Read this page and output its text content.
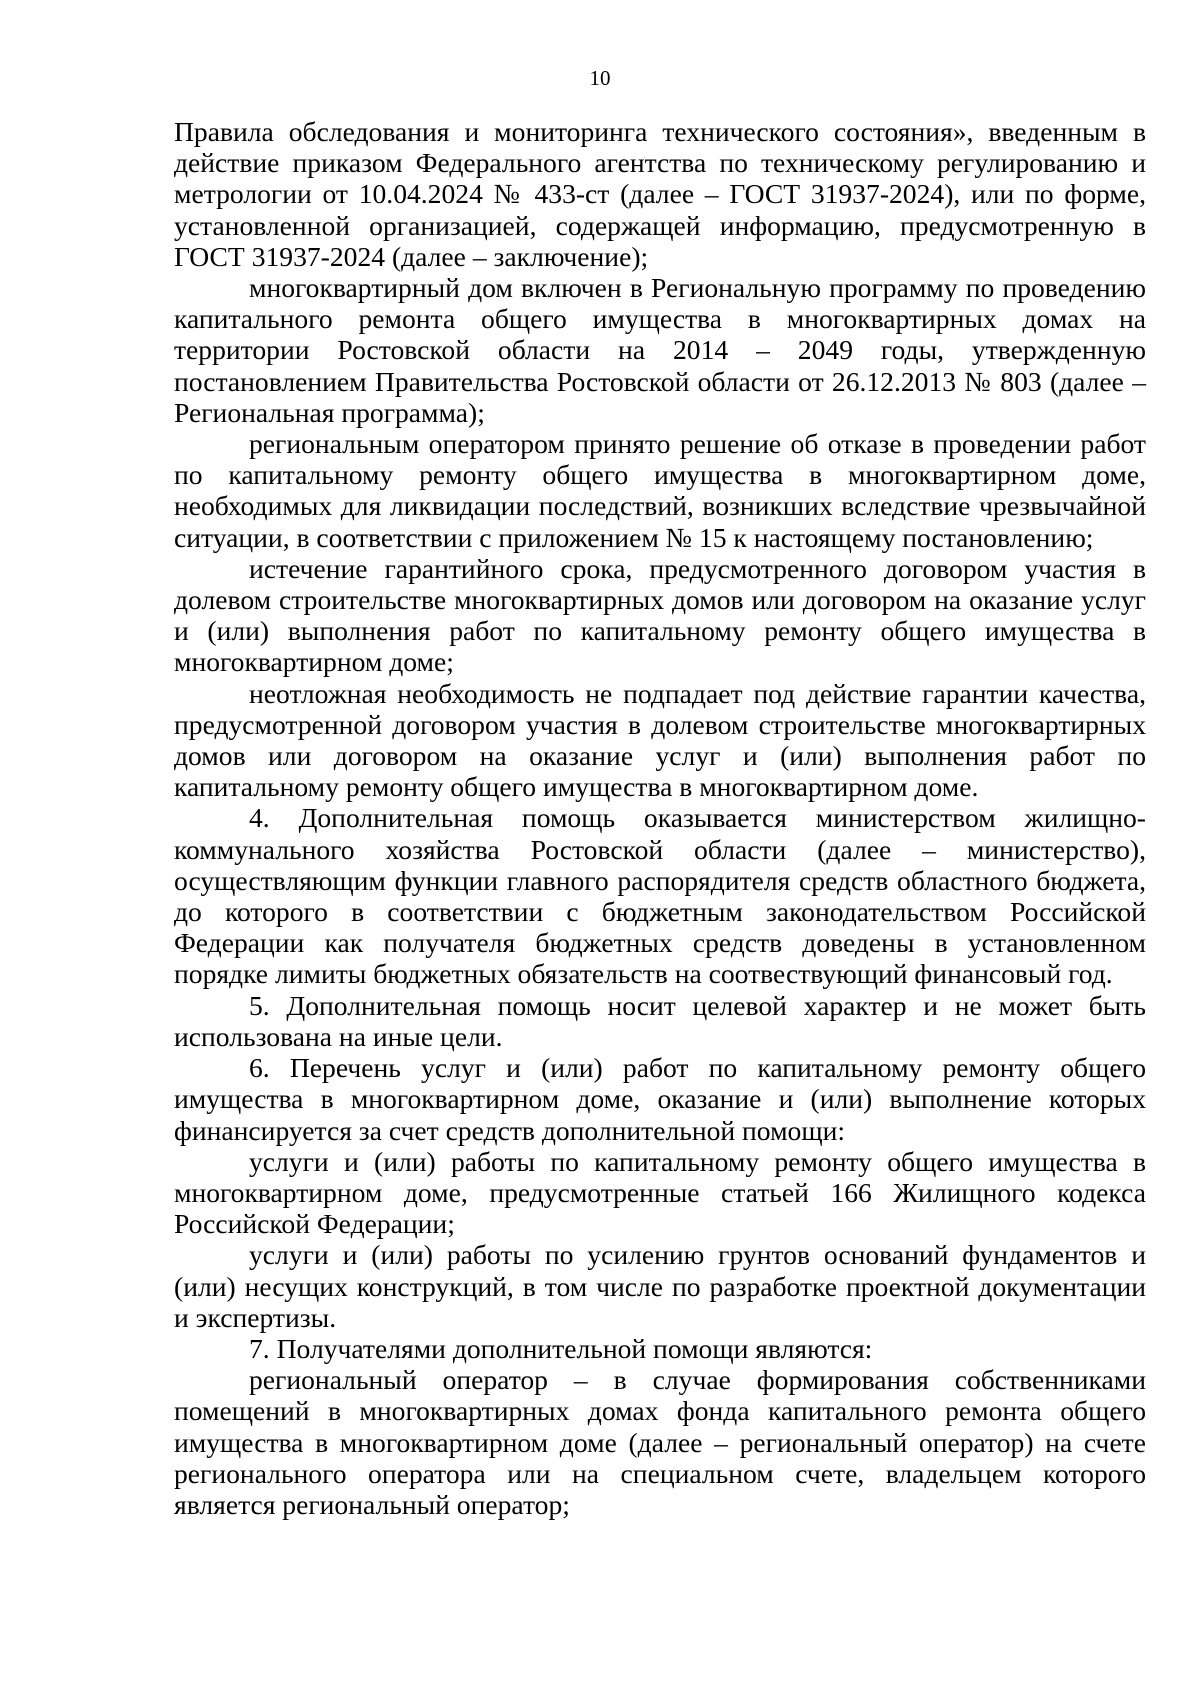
10

Правила обследования и мониторинга технического состояния», введенным в действие приказом Федерального агентства по техническому регулированию и метрологии от 10.04.2024 № 433-ст (далее – ГОСТ 31937-2024), или по форме, установленной организацией, содержащей информацию, предусмотренную в ГОСТ 31937-2024 (далее – заключение);

многоквартирный дом включен в Региональную программу по проведению капитального ремонта общего имущества в многоквартирных домах на территории Ростовской области на 2014 – 2049 годы, утвержденную постановлением Правительства Ростовской области от 26.12.2013 № 803 (далее – Региональная программа);

региональным оператором принято решение об отказе в проведении работ по капитальному ремонту общего имущества в многоквартирном доме, необходимых для ликвидации последствий, возникших вследствие чрезвычайной ситуации, в соответствии с приложением № 15 к настоящему постановлению;

истечение гарантийного срока, предусмотренного договором участия в долевом строительстве многоквартирных домов или договором на оказание услуг и (или) выполнения работ по капитальному ремонту общего имущества в многоквартирном доме;

неотложная необходимость не подпадает под действие гарантии качества, предусмотренной договором участия в долевом строительстве многоквартирных домов или договором на оказание услуг и (или) выполнения работ по капитальному ремонту общего имущества в многоквартирном доме.

4. Дополнительная помощь оказывается министерством жилищно-коммунального хозяйства Ростовской области (далее – министерство), осуществляющим функции главного распорядителя средств областного бюджета, до которого в соответствии с бюджетным законодательством Российской Федерации как получателя бюджетных средств доведены в установленном порядке лимиты бюджетных обязательств на соотвествующий финансовый год.

5. Дополнительная помощь носит целевой характер и не может быть использована на иные цели.

6. Перечень услуг и (или) работ по капитальному ремонту общего имущества в многоквартирном доме, оказание и (или) выполнение которых финансируется за счет средств дополнительной помощи:

услуги и (или) работы по капитальному ремонту общего имущества в многоквартирном доме, предусмотренные статьей 166 Жилищного кодекса Российской Федерации;

услуги и (или) работы по усилению грунтов оснований фундаментов и (или) несущих конструкций, в том числе по разработке проектной документации и экспертизы.

7. Получателями дополнительной помощи являются:

региональный оператор – в случае формирования собственниками помещений в многоквартирных домах фонда капитального ремонта общего имущества в многоквартирном доме (далее – региональный оператор) на счете регионального оператора или на специальном счете, владельцем которого является региональный оператор;
